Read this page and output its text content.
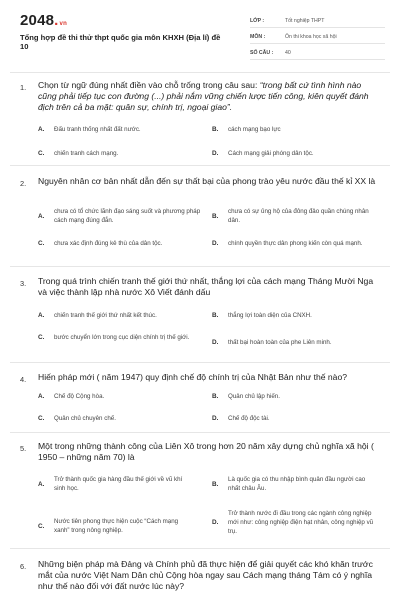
2048.vn
Tổng hợp đề thi thử thpt quốc gia môn KHXH (Địa lí) đề 10
LỚP :	Tốt nghiệp THPT
MÔN :	Ôn thi khoa học xã hội
SỐ CÂU :	40
1. Chọn từ ngữ đúng nhất điền vào chỗ trống trong câu sau: “trong bất cứ tình hình nào cũng phải tiếp tục con đường (...) phải nắm vững chiến lược tiến công, kiên quyết đánh địch trên cả ba mặt: quân sự, chính trị, ngoại giao”.
A.	Đấu tranh thống nhất đất nước.	B.	cách mạng bạo lực
C.	chiến tranh cách mạng.	D.	Cách mạng giải phóng dân tộc.
2. Nguyên nhân cơ bản nhất dẫn đến sự thất bại của phong trào yêu nước đầu thế kỉ XX là
A.
chưa có tổ chức lãnh đạo sáng suốt và phương pháp cách mạng đúng đắn.
B.
chưa có sự ủng hộ của đông đảo quần chúng nhân dân.
C.	chưa xác định đúng kẻ thù của dân tộc.	D.	chính quyền thực dân phong kiến còn quá mạnh.
3. Trong quá trình chiến tranh thế giới thứ nhất, thắng lợi của cách mạng Tháng Mười Nga và việc thành lập nhà nước Xô Viết đánh dấu
A.	chiến tranh thế giới thứ nhất kết thúc.	B.	thắng lợi toàn diện của CNXH.
C.	bước chuyển lớn trong cục diện chính trị thế giới.
D.	thất bại hoàn toàn của phe Liên minh.
4. Hiến pháp mới ( năm 1947) quy định chế độ chính trị của Nhật Bản như thế nào?
A.	Chế độ Cộng hòa.	B.	Quân chủ lập hiến.
C.	Quân chủ chuyên chế.	D.	Chế độ độc tài.
5. Một trong những thành công của Liên Xô trong hơn 20 năm xây dựng chủ nghĩa xã hội ( 1950 – những năm 70) là
A.
Trở thành quốc gia hàng đầu thế giới về vũ khí sinh học.
B.
Là quốc gia có thu nhập bình quân đầu người cao nhất châu Âu.
C.
Nước tiên phong thực hiện cuộc “Cách mạng xanh” trong nông nghiệp.
D.
Trở thành nước đi đầu trong các ngành công nghiệp mới như: công nghiệp điện hạt nhân, công nghiệp vũ trụ.
6. Những biện pháp mà Đảng và Chính phủ đã thực hiện để giải quyết các khó khăn trước mắt của nước Việt Nam Dân chủ Cộng hòa ngay sau Cách mạng tháng Tám có ý nghĩa như thế nào đối với đất nước lúc này?
